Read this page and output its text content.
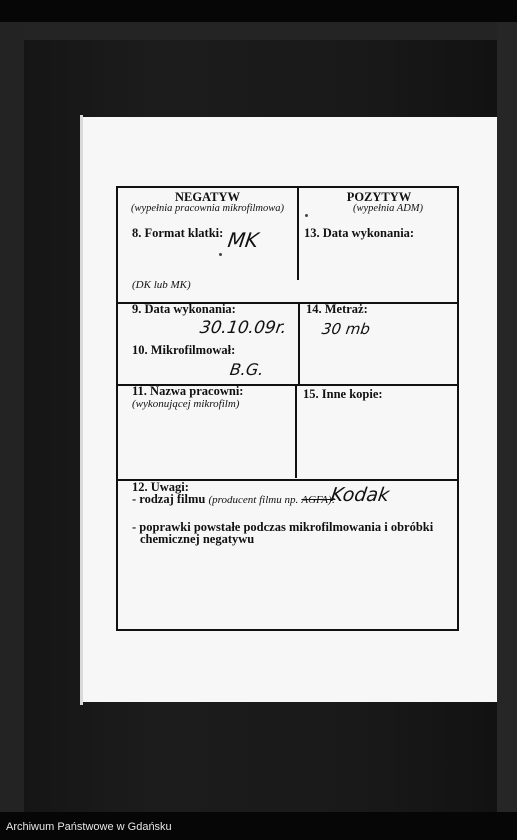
NEGATYW
(wypełnia pracownia mikrofilmowa)
POZYTYW
(wypełnia ADM)
8. Format klatki: MK
(DK lub MK)
13. Data wykonania:
9. Data wykonania:
30.10.09r.
10. Mikrofilmował:
B.G.
14. Metraż:
30 mb
11. Nazwa pracowni:
(wykonującej mikrofilm)
15. Inne kopie:
12. Uwagi:
- rodzaj filmu (producent filmu np. AGFA):
Kodak
- poprawki powstałe podczas mikrofilmowania i obróbki
chemicznej negatywu
Archiwum Państwowe w Gdańsku
